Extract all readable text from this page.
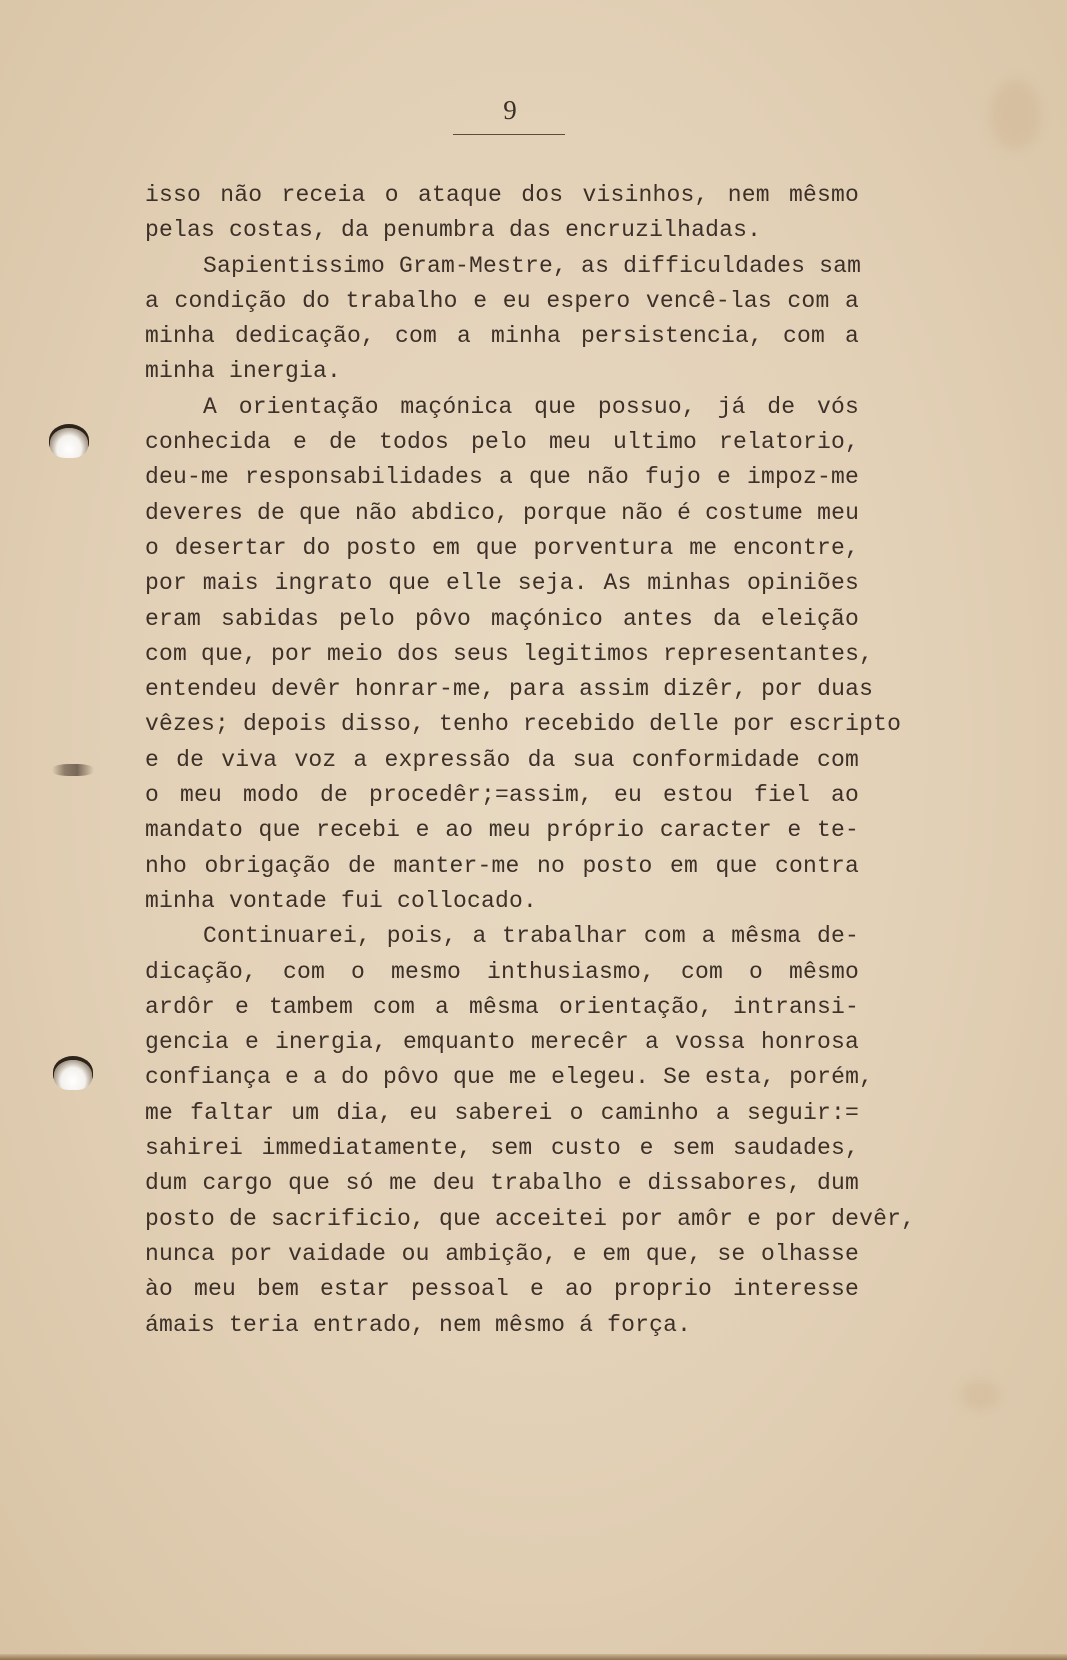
9
isso não receia o ataque dos visinhos, nem mêsmo
pelas costas, da penumbra das encruzilhadas.
Sapientissimo Gram-Mestre, as difficuldades sam
a condição do trabalho e eu espero vencê-las com a
minha dedicação, com a minha persistencia, com a
minha inergia.
A orientação maçónica que possuo, já de vós
conhecida e de todos pelo meu ultimo relatorio,
deu-me responsabilidades a que não fujo e impoz-me
deveres de que não abdico, porque não é costume meu
o desertar do posto em que porventura me encontre,
por mais ingrato que elle seja. As minhas opiniões
eram sabidas pelo pôvo maçónico antes da eleição
com que, por meio dos seus legitimos representantes,
entendeu devêr honrar-me, para assim dizêr, por duas
vêzes; depois disso, tenho recebido delle por escripto
e de viva voz a expressão da sua conformidade com
o meu modo de procedêr;=assim, eu estou fiel ao
mandato que recebi e ao meu próprio caracter e te-
nho obrigação de manter-me no posto em que contra
minha vontade fui collocado.
Continuarei, pois, a trabalhar com a mêsma de-
dicação, com o mesmo inthusiasmo, com o mêsmo
ardôr e tambem com a mêsma orientação, intransi-
gencia e inergia, emquanto merecêr a vossa honrosa
confiança e a do pôvo que me elegeu. Se esta, porém,
me faltar um dia, eu saberei o caminho a seguir:=
sahirei immediatamente, sem custo e sem saudades,
dum cargo que só me deu trabalho e dissabores, dum
posto de sacrificio, que acceitei por amôr e por devêr,
nunca por vaidade ou ambição, e em que, se olhasse
ào meu bem estar pessoal e ao proprio interesse
ámais teria entrado, nem mêsmo á força.
